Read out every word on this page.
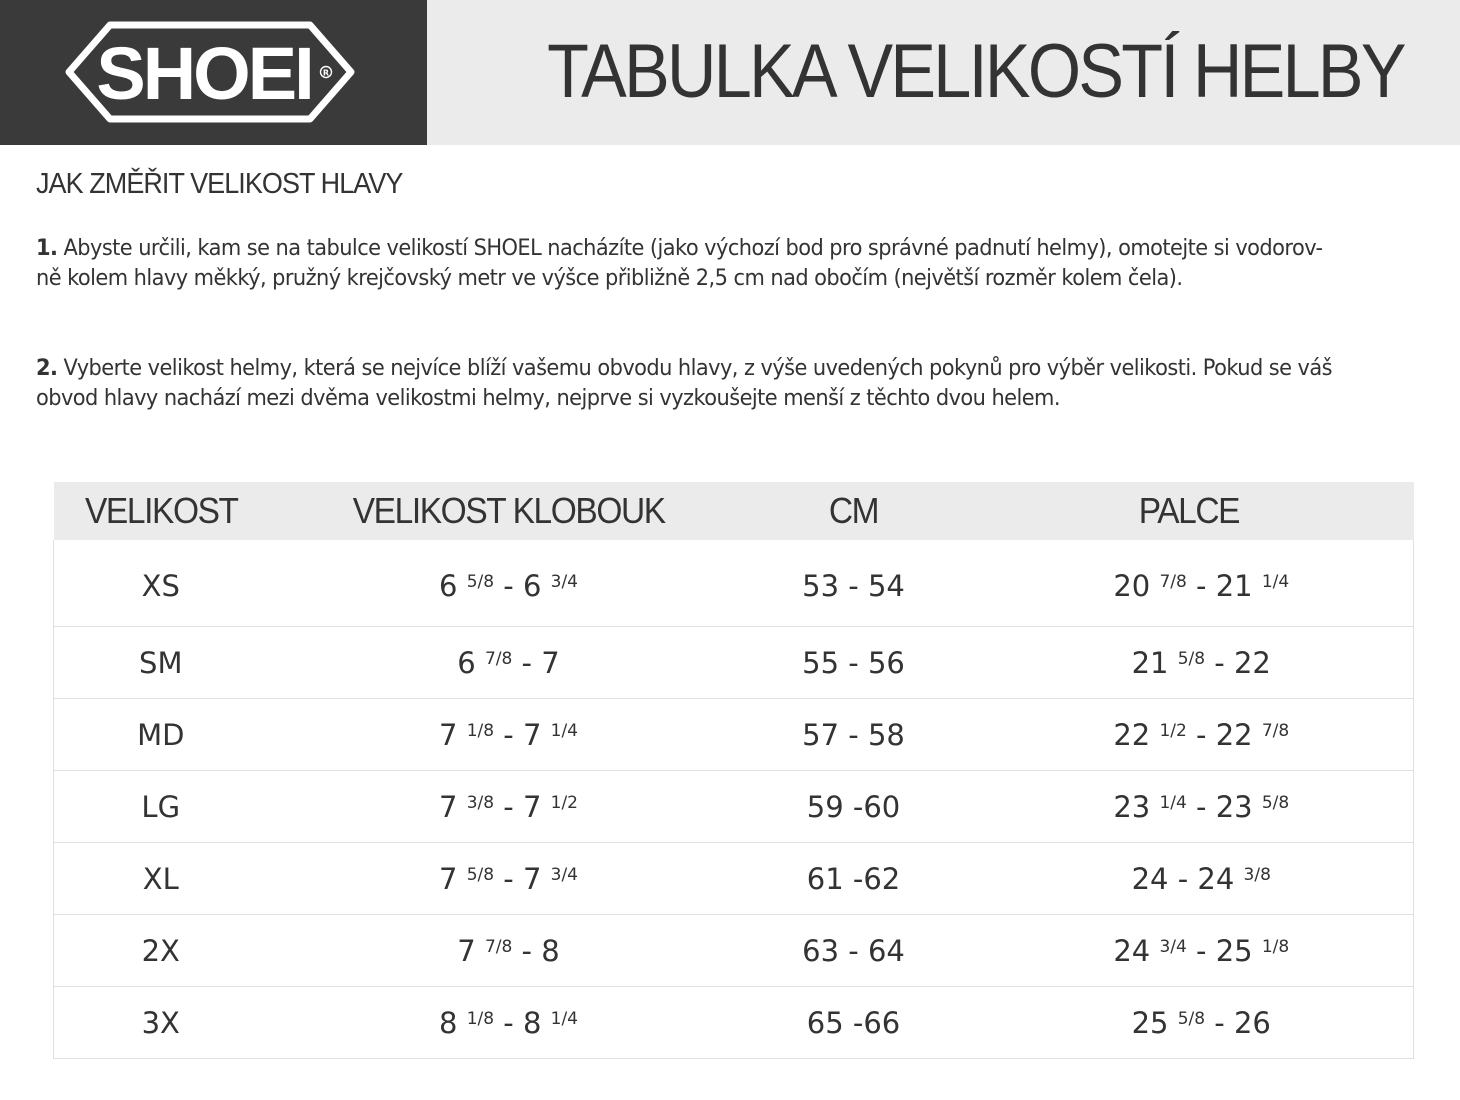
SHOEI R	TABULKA VELIKOSTÍ HELBY
JAK ZMĚŘIT VELIKOST HLAVY
1. Abyste určili, kam se na tabulce velikostí SHOEL nacházíte (jako výchozí bod pro správné padnutí helmy), omotejte si vodorov-ně kolem hlavy měkký, pružný krejčovský metr ve výšce přibližně 2,5 cm nad obočím (největší rozměr kolem čela).
2. Vyberte velikost helmy, která se nejvíce blíží vašemu obvodu hlavy, z výše uvedených pokynů pro výběr velikosti. Pokud se váš obvod hlavy nachází mezi dvěma velikostmi helmy, nejprve si vyzkoušejte menší z těchto dvou helem.
VELIKOST	VELIKOST KLOBOUK	CM	PALCE
XS	6 $^{5/8}$ - 6 $^{3/4}$	53 - 54	20 $^{7/8}$ - 21 $^{1/4}$
SM	6 $^{7/8}$ - 7	55 - 56	21 $^{5/8}$ - 22
MD	7 $^{1/8}$ - 7 $^{1/4}$	57 - 58	22 $^{1/2}$ - 22 $^{7/8}$
LG	7 $^{3/8}$ - 7 $^{1/2}$	59 -60	23 $^{1/4}$ - 23 $^{5/8}$
XL	7 $^{5/8}$ - 7 $^{3/4}$	61 -62	24 - 24 $^{3/8}$
2X	7 $^{7/8}$ - 8	63 - 64	24 $^{3/4}$ - 25 $^{1/8}$
3X	8 $^{1/8}$ - 8 $^{1/4}$	65 -66	25 $^{5/8}$ - 26
